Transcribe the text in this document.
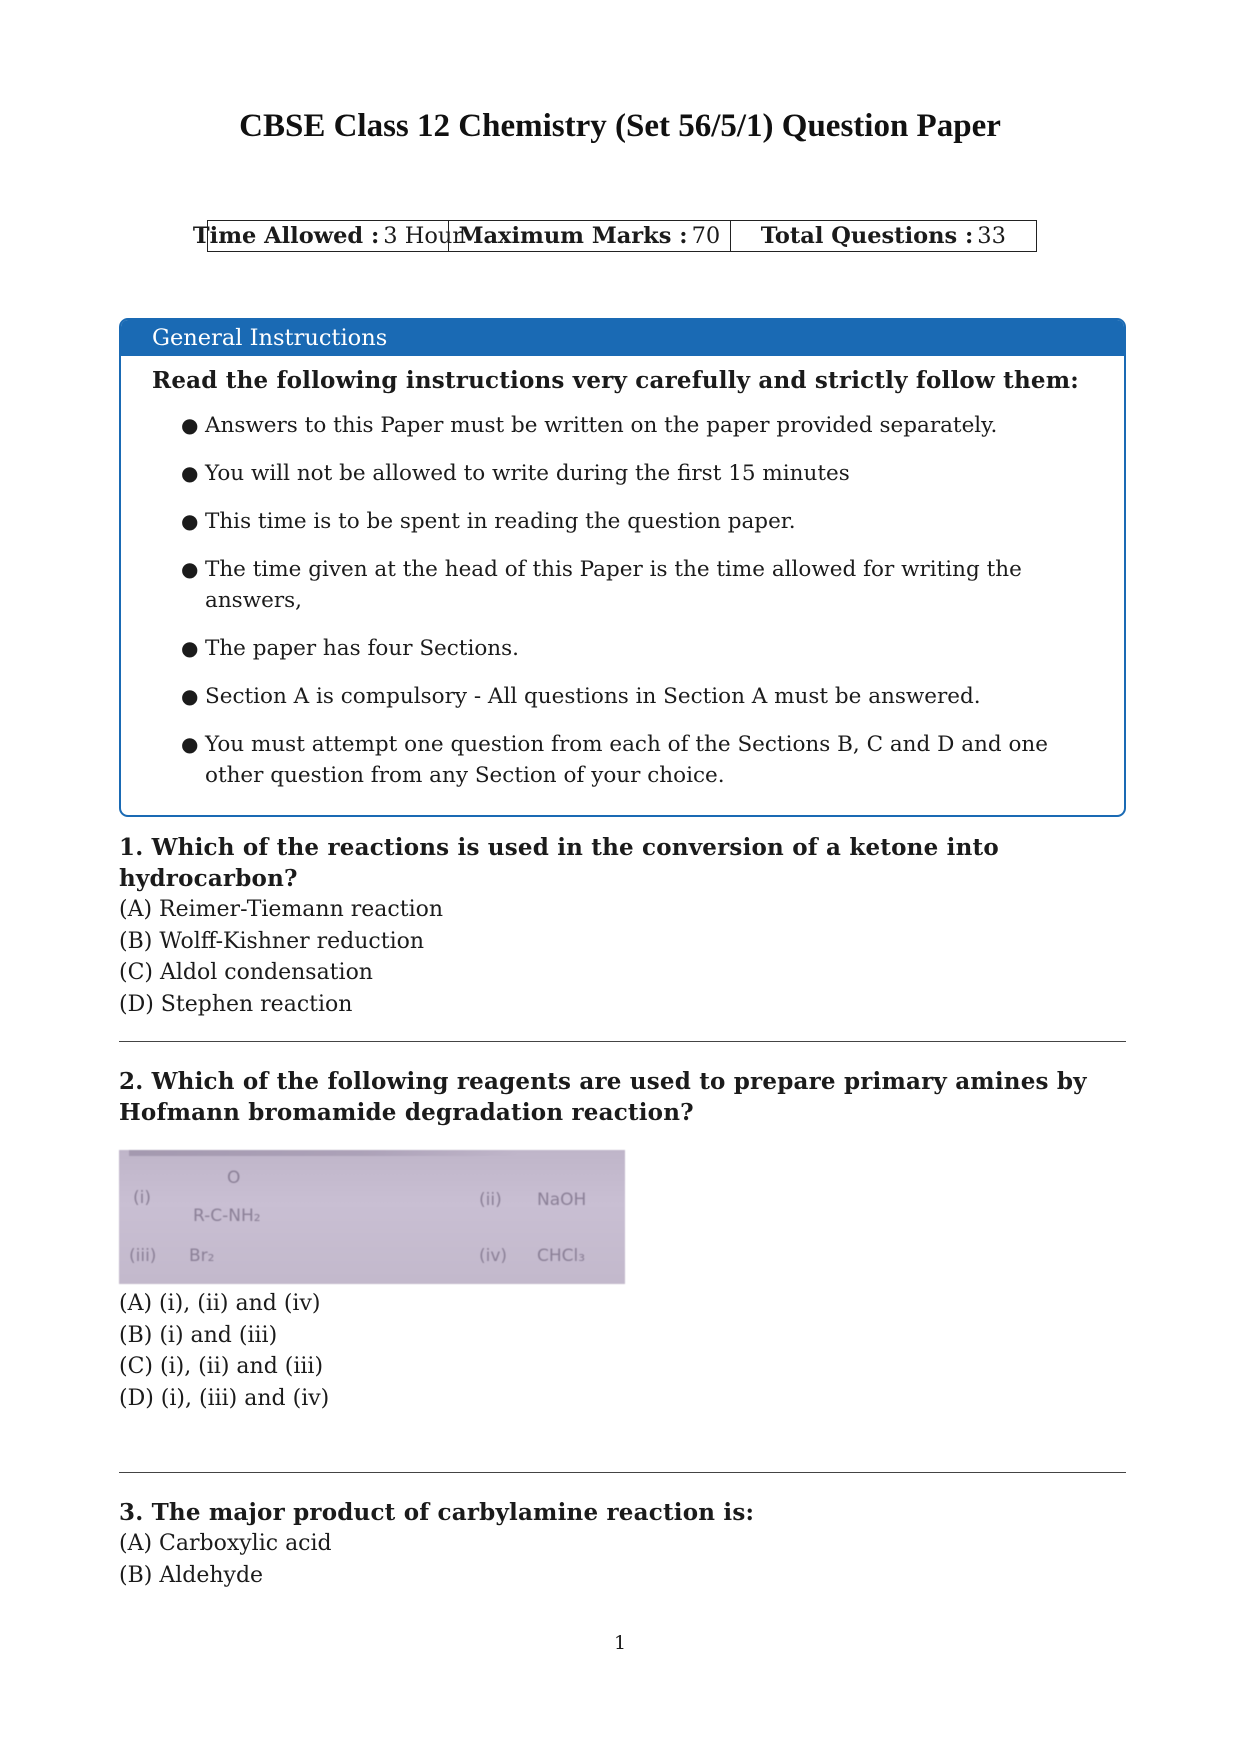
CBSE Class 12 Chemistry (Set 56/5/1) Question Paper
Time Allowed : 3 Hour
Maximum Marks : 70 Total Questions : 33
General Instructions
Read the following instructions very carefully and strictly follow them:
● Answers to this Paper must be written on the paper provided separately.
● You will not be allowed to write during the first 15 minutes
● This time is to be spent in reading the question paper.
● The time given at the head of this Paper is the time allowed for writing the answers,
● The paper has four Sections.
● Section A is compulsory - All questions in Section A must be answered.
● You must attempt one question from each of the Sections B, C and D and one other question from any Section of your choice.
1. Which of the reactions is used in the conversion of a ketone into hydrocarbon?
(A) Reimer-Tiemann reaction
(B) Wolff-Kishner reduction
(C) Aldol condensation
(D) Stephen reaction
2. Which of the following reagents are used to prepare primary amines by Hofmann bromamide degradation reaction?
(i)
O
R-C-NH₂
(ii) NaOH
(iii) Br₂	(iv) CHCl₃
(A) (i), (ii) and (iv)
(B) (i) and (iii)
(C) (i), (ii) and (iii)
(D) (i), (iii) and (iv)
3. The major product of carbylamine reaction is:
(A) Carboxylic acid
(B) Aldehyde
1
